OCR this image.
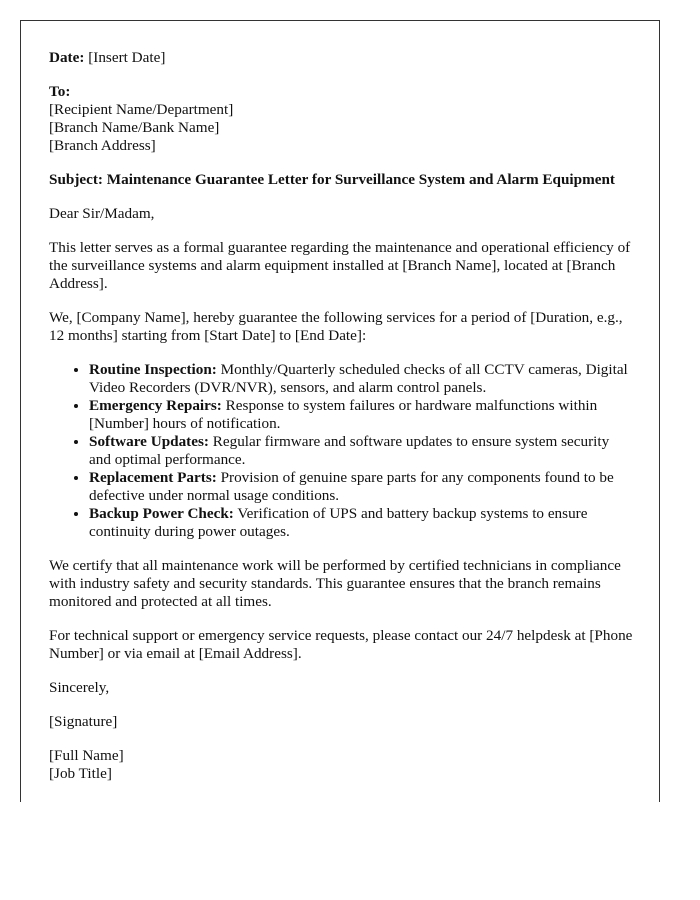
Date: [Insert Date]

To:
[Recipient Name/Department]
[Branch Name/Bank Name]
[Branch Address]

Subject: Maintenance Guarantee Letter for Surveillance System and Alarm Equipment

Dear Sir/Madam,

This letter serves as a formal guarantee regarding the maintenance and operational efficiency of the surveillance systems and alarm equipment installed at [Branch Name], located at [Branch Address].

We, [Company Name], hereby guarantee the following services for a period of [Duration, e.g., 12 months] starting from [Start Date] to [End Date]:

• Routine Inspection: Monthly/Quarterly scheduled checks of all CCTV cameras, Digital Video Recorders (DVR/NVR), sensors, and alarm control panels.
• Emergency Repairs: Response to system failures or hardware malfunctions within [Number] hours of notification.
• Software Updates: Regular firmware and software updates to ensure system security and optimal performance.
• Replacement Parts: Provision of genuine spare parts for any components found to be defective under normal usage conditions.
• Backup Power Check: Verification of UPS and battery backup systems to ensure continuity during power outages.

We certify that all maintenance work will be performed by certified technicians in compliance with industry safety and security standards. This guarantee ensures that the branch remains monitored and protected at all times.

For technical support or emergency service requests, please contact our 24/7 helpdesk at [Phone Number] or via email at [Email Address].

Sincerely,

[Signature]

[Full Name]
[Job Title]
